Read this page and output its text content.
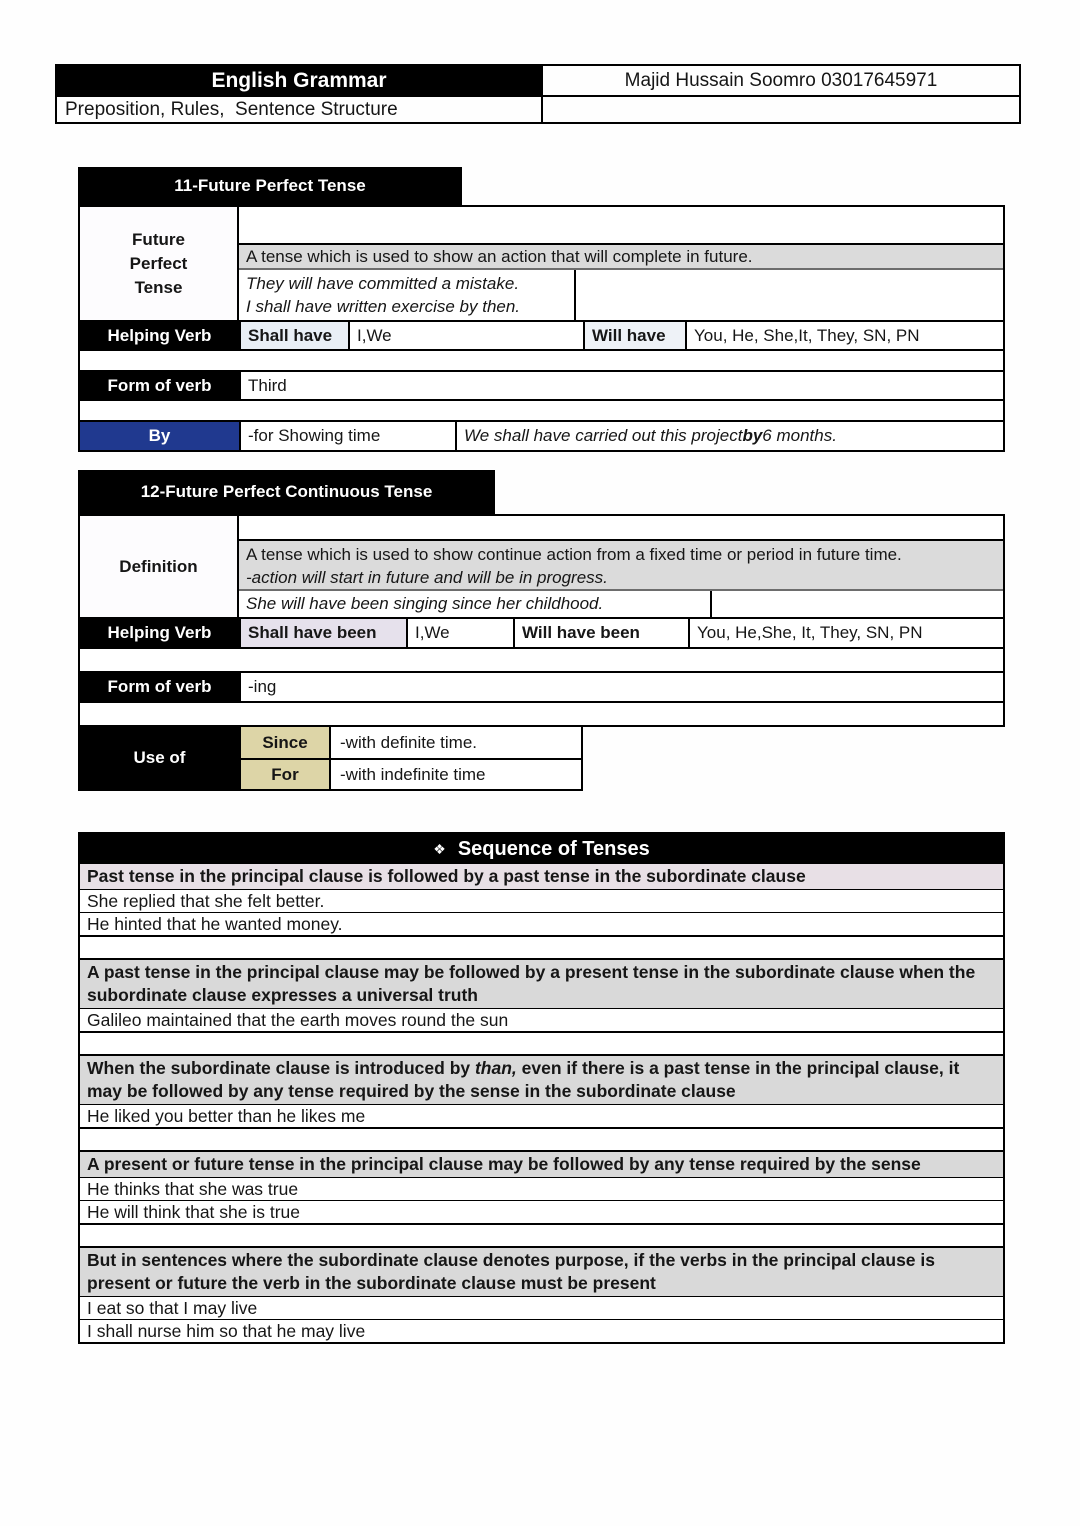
English Grammar	Majid Hussain Soomro 03017645971
Preposition, Rules,  Sentence Structure
11-Future Perfect Tense
Future Perfect Tense
A tense which is used to show an action that will complete in future.
They will have committed a mistake.
I shall have written exercise by then.
Helping Verb	Shall have	I,We	Will have	You, He, She,It, They, SN, PN
Form of verb	Third
By	-for Showing time	We shall have carried out this project by 6 months.
12-Future Perfect Continuous Tense
Definition
A tense which is used to show continue action from a fixed time or period in future time.
-action will start in future and will be in progress.
She will have been singing since her childhood.
Helping Verb	Shall have been	I,We	Will have been	You, He,She, It, They, SN, PN
Form of verb	-ing
Use of
Since	-with definite time.
For	-with indefinite time
❖ Sequence of Tenses
Past tense in the principal clause is followed by a past tense in the subordinate clause
She replied that she felt better.
He hinted that he wanted money.
A past tense in the principal clause may be followed by a present tense in the subordinate clause when the subordinate clause expresses a universal truth
Galileo maintained that the earth moves round the sun
When the subordinate clause is introduced by than, even if there is a past tense in the principal clause, it may be followed by any tense required by the sense in the subordinate clause
He liked you better than he likes me
A present or future tense in the principal clause may be followed by any tense required by the sense
He thinks that she was true
He will think that she is true
But in sentences where the subordinate clause denotes purpose, if the verbs in the principal clause is present or future the verb in the subordinate clause must be present
I eat so that I may live
I shall nurse him so that he may live
